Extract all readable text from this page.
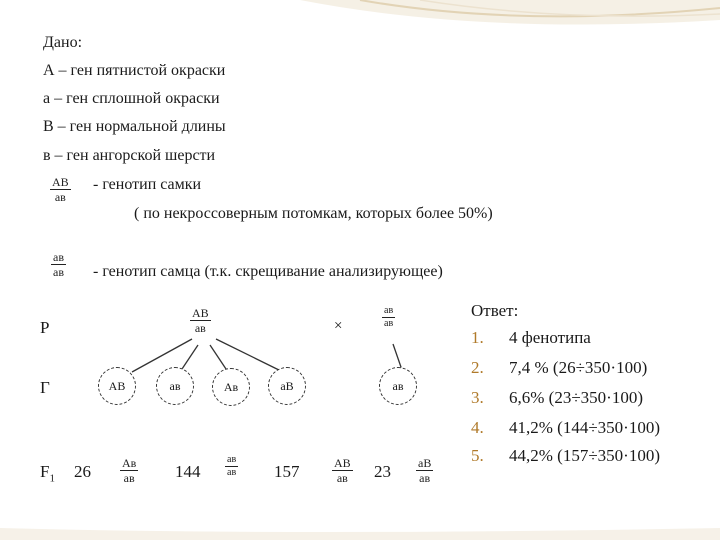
Дано:
А – ген пятнистой окраски
а – ген сплошной окраски
В – ген нормальной длины
в – ген ангорской шерсти
АВ
ав
- генотип самки
( по некроссоверным потомкам, которых более 50%)
ав
ав - генотип самца (т.к. скрещивание анализирующее)
Р
АВ
ав	×
ав
ав
Г	АВ	ав	Ав	аВ	ав
$F_1$ 26	Ав
ав 144
ав
ав 157	АВ
ав 23 аВ
ав
Ответ:
1. 4 фенотипа
2. 7,4 % (26÷350·100)
3. 6,6% (23÷350·100)
4. 41,2% (144÷350·100)
5. 44,2% (157÷350·100)
